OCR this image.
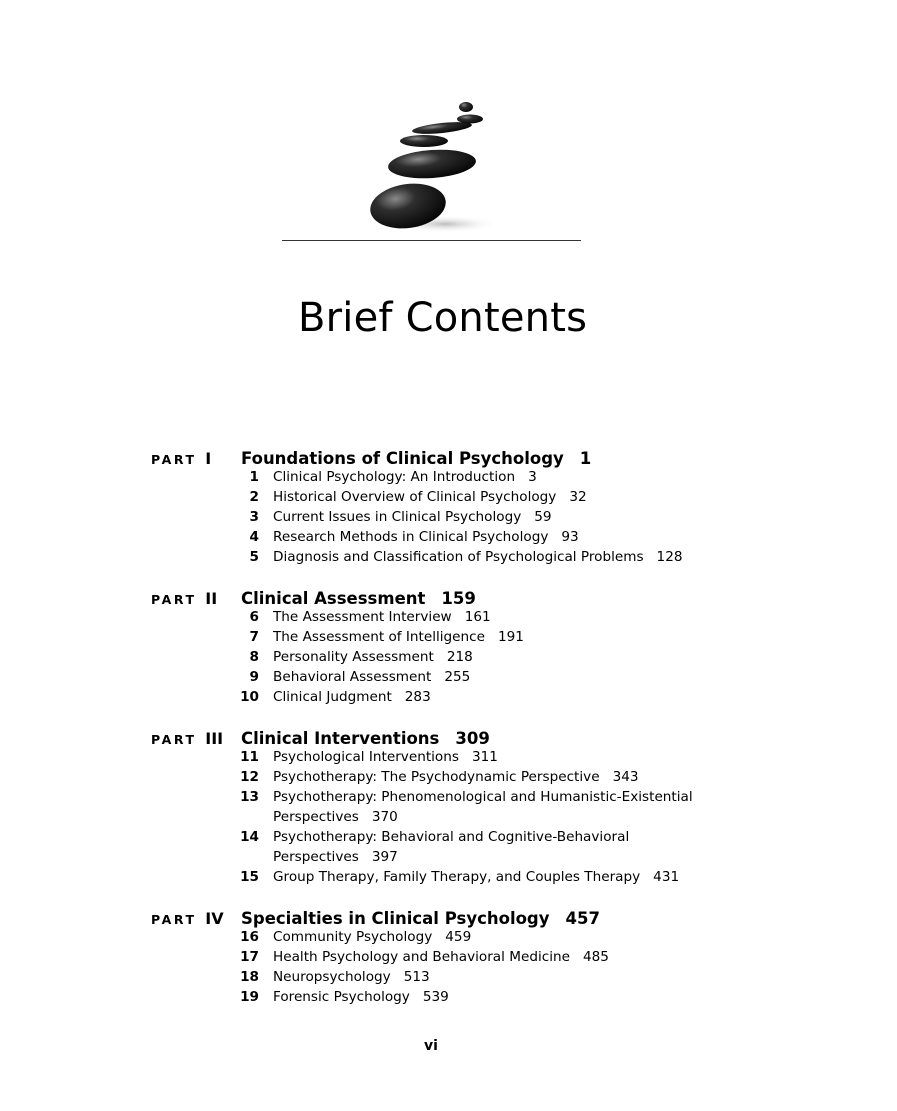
Brief Contents
PART I Foundations of Clinical Psychology 1
1 Clinical Psychology: An Introduction 3
2 Historical Overview of Clinical Psychology 32
3 Current Issues in Clinical Psychology 59
4 Research Methods in Clinical Psychology 93
5 Diagnosis and Classification of Psychological Problems 128
PART II Clinical Assessment 159
6 The Assessment Interview 161
7 The Assessment of Intelligence 191
8 Personality Assessment 218
9 Behavioral Assessment 255
10 Clinical Judgment 283
PART III Clinical Interventions 309
11 Psychological Interventions 311
12 Psychotherapy: The Psychodynamic Perspective 343
13 Psychotherapy: Phenomenological and Humanistic-Existential Perspectives 370
14 Psychotherapy: Behavioral and Cognitive-Behavioral Perspectives 397
15 Group Therapy, Family Therapy, and Couples Therapy 431
PART IV Specialties in Clinical Psychology 457
16 Community Psychology 459
17 Health Psychology and Behavioral Medicine 485
18 Neuropsychology 513
19 Forensic Psychology 539
vi
